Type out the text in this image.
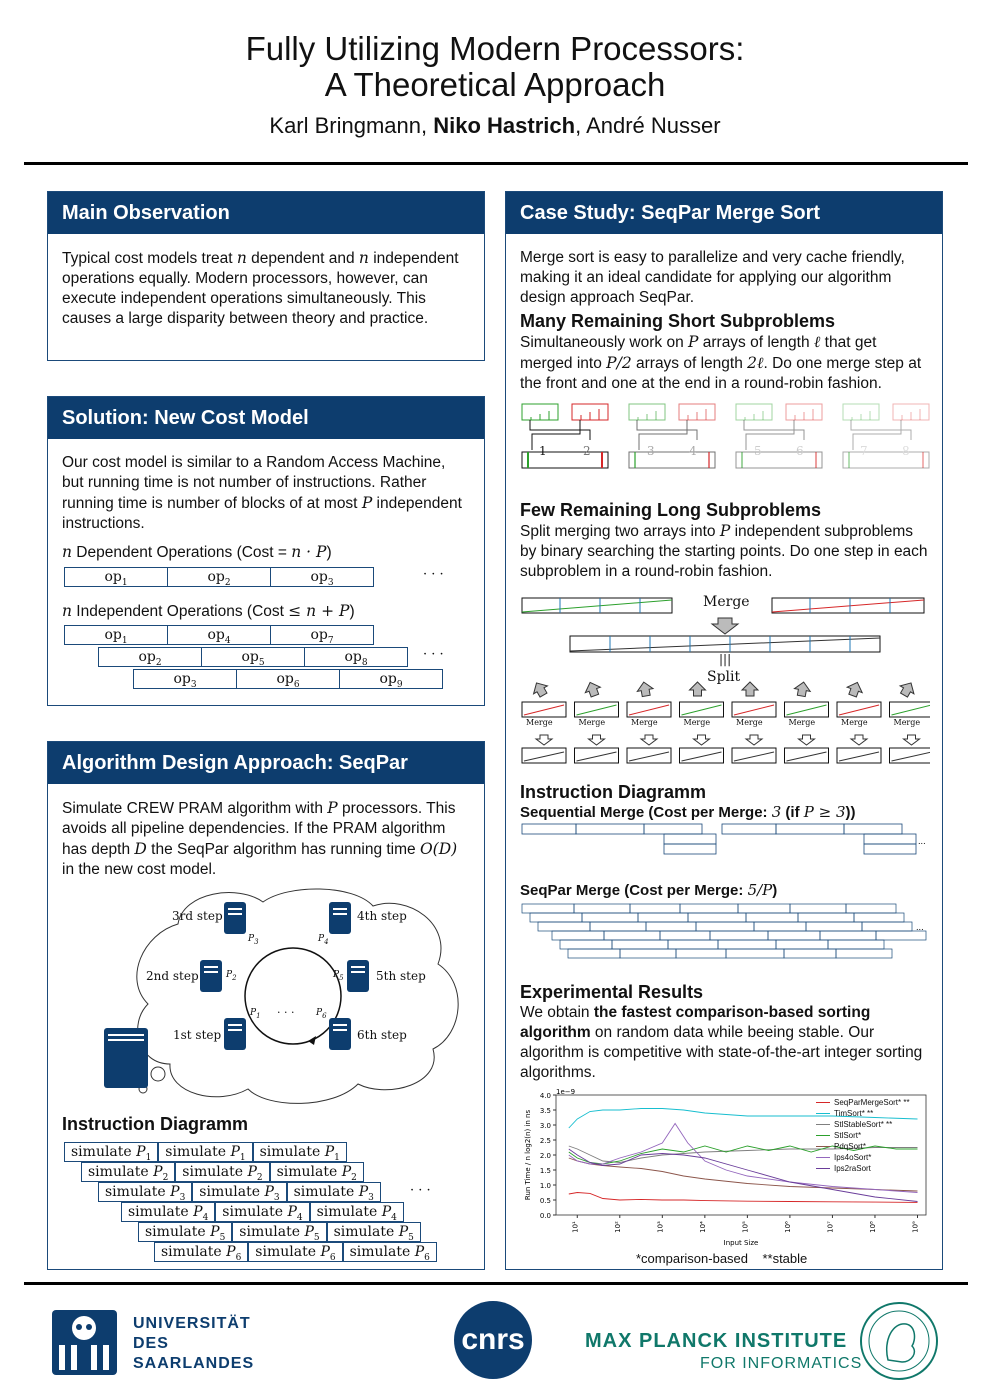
Fully Utilizing Modern Processors:
A Theoretical Approach
Karl Bringmann, Niko Hastrich, André Nusser
Main Observation

Typical cost models treat n dependent and n independent operations equally. Modern processors, however, can execute independent operations simultaneously. This causes a large disparity between theory and practice.

Solution: New Cost Model

Our cost model is similar to a Random Access Machine, but running time is not number of instructions. Rather running time is number of blocks of at most P independent instructions.

n Dependent Operations (Cost = n · P)

$op_1$	$op_2$	$op_3$
· · ·

n Independent Operations (Cost ≤ n + P)

$op_1$	$op_4$	$op_7$
$op_2$	$op_5$	$op_8$
· · ·
$op_3$	$op_6$	$op_9$
Algorithm Design Approach: SeqPar

Simulate CREW PRAM algorithm with P processors. This avoids all pipeline dependencies. If the PRAM algorithm has depth D the SeqPar algorithm has running time O(D) in the new cost model.

3rd step	4th step
2nd step	5th step
1st step	6th step
$P_3$	$P_4$
$P_2$	$P_5$
$P_1$	$P_6$
· · ·
Instruction Diagramm
simulate $P_1$	simulate $P_1$	simulate $P_1$
simulate $P_2$	simulate $P_2$	simulate $P_2$
simulate $P_3$	simulate $P_3$	simulate $P_3$	· · ·
simulate $P_4$	simulate $P_4$	simulate $P_4$
simulate $P_5$	simulate $P_5$	simulate $P_5$
simulate $P_6$	simulate $P_6$	simulate $P_6$
Case Study: SeqPar Merge Sort

Merge sort is easy to parallelize and very cache friendly, making it an ideal candidate for applying our algorithm design approach SeqPar.

Many Remaining Short Subproblems

Simultaneously work on P arrays of length ℓ that get merged into P/2 arrays of length 2ℓ. Do one merge step at the front and one at the end in a round-robin fashion.

1	2	3	4	5	6	7	8
Few Remaining Long Subproblems

Split merging two arrays into P independent subproblems by binary searching the starting points. Do one step in each subproblem in a round-robin fashion.

Merge
|||
Split
Merge	Merge	Merge	Merge	Merge	Merge	Merge	Merge
Instruction Diagramm
Sequential Merge (Cost per Merge: 3 (if P ≥ 3))
...
SeqPar Merge (Cost per Merge: 5/P)
...
Experimental Results

We obtain the fastest comparison-based sorting algorithm on random data while beeing stable. Our algorithm is competitive with state-of-the-art integer sorting algorithms.

0.0
0.5
1.0
1.5
2.0
2.5
3.0
3.5
4.0
10¹	10²	10³	10⁴	10⁵	10⁶	10⁷	10⁸	10⁹
1e−9
Input Size
Run Time / n log2(n) in ns
SeqParMergeSort* **
TimSort* **
StlStableSort* **
StlSort*
PdqSort*
Ips4oSort*
Ips2raSort
*comparison-based    **stable
UNIVERSITÄT
DES
SAARLANDES
cnrs	MAX PLANCK INSTITUTE
FOR INFORMATICS
